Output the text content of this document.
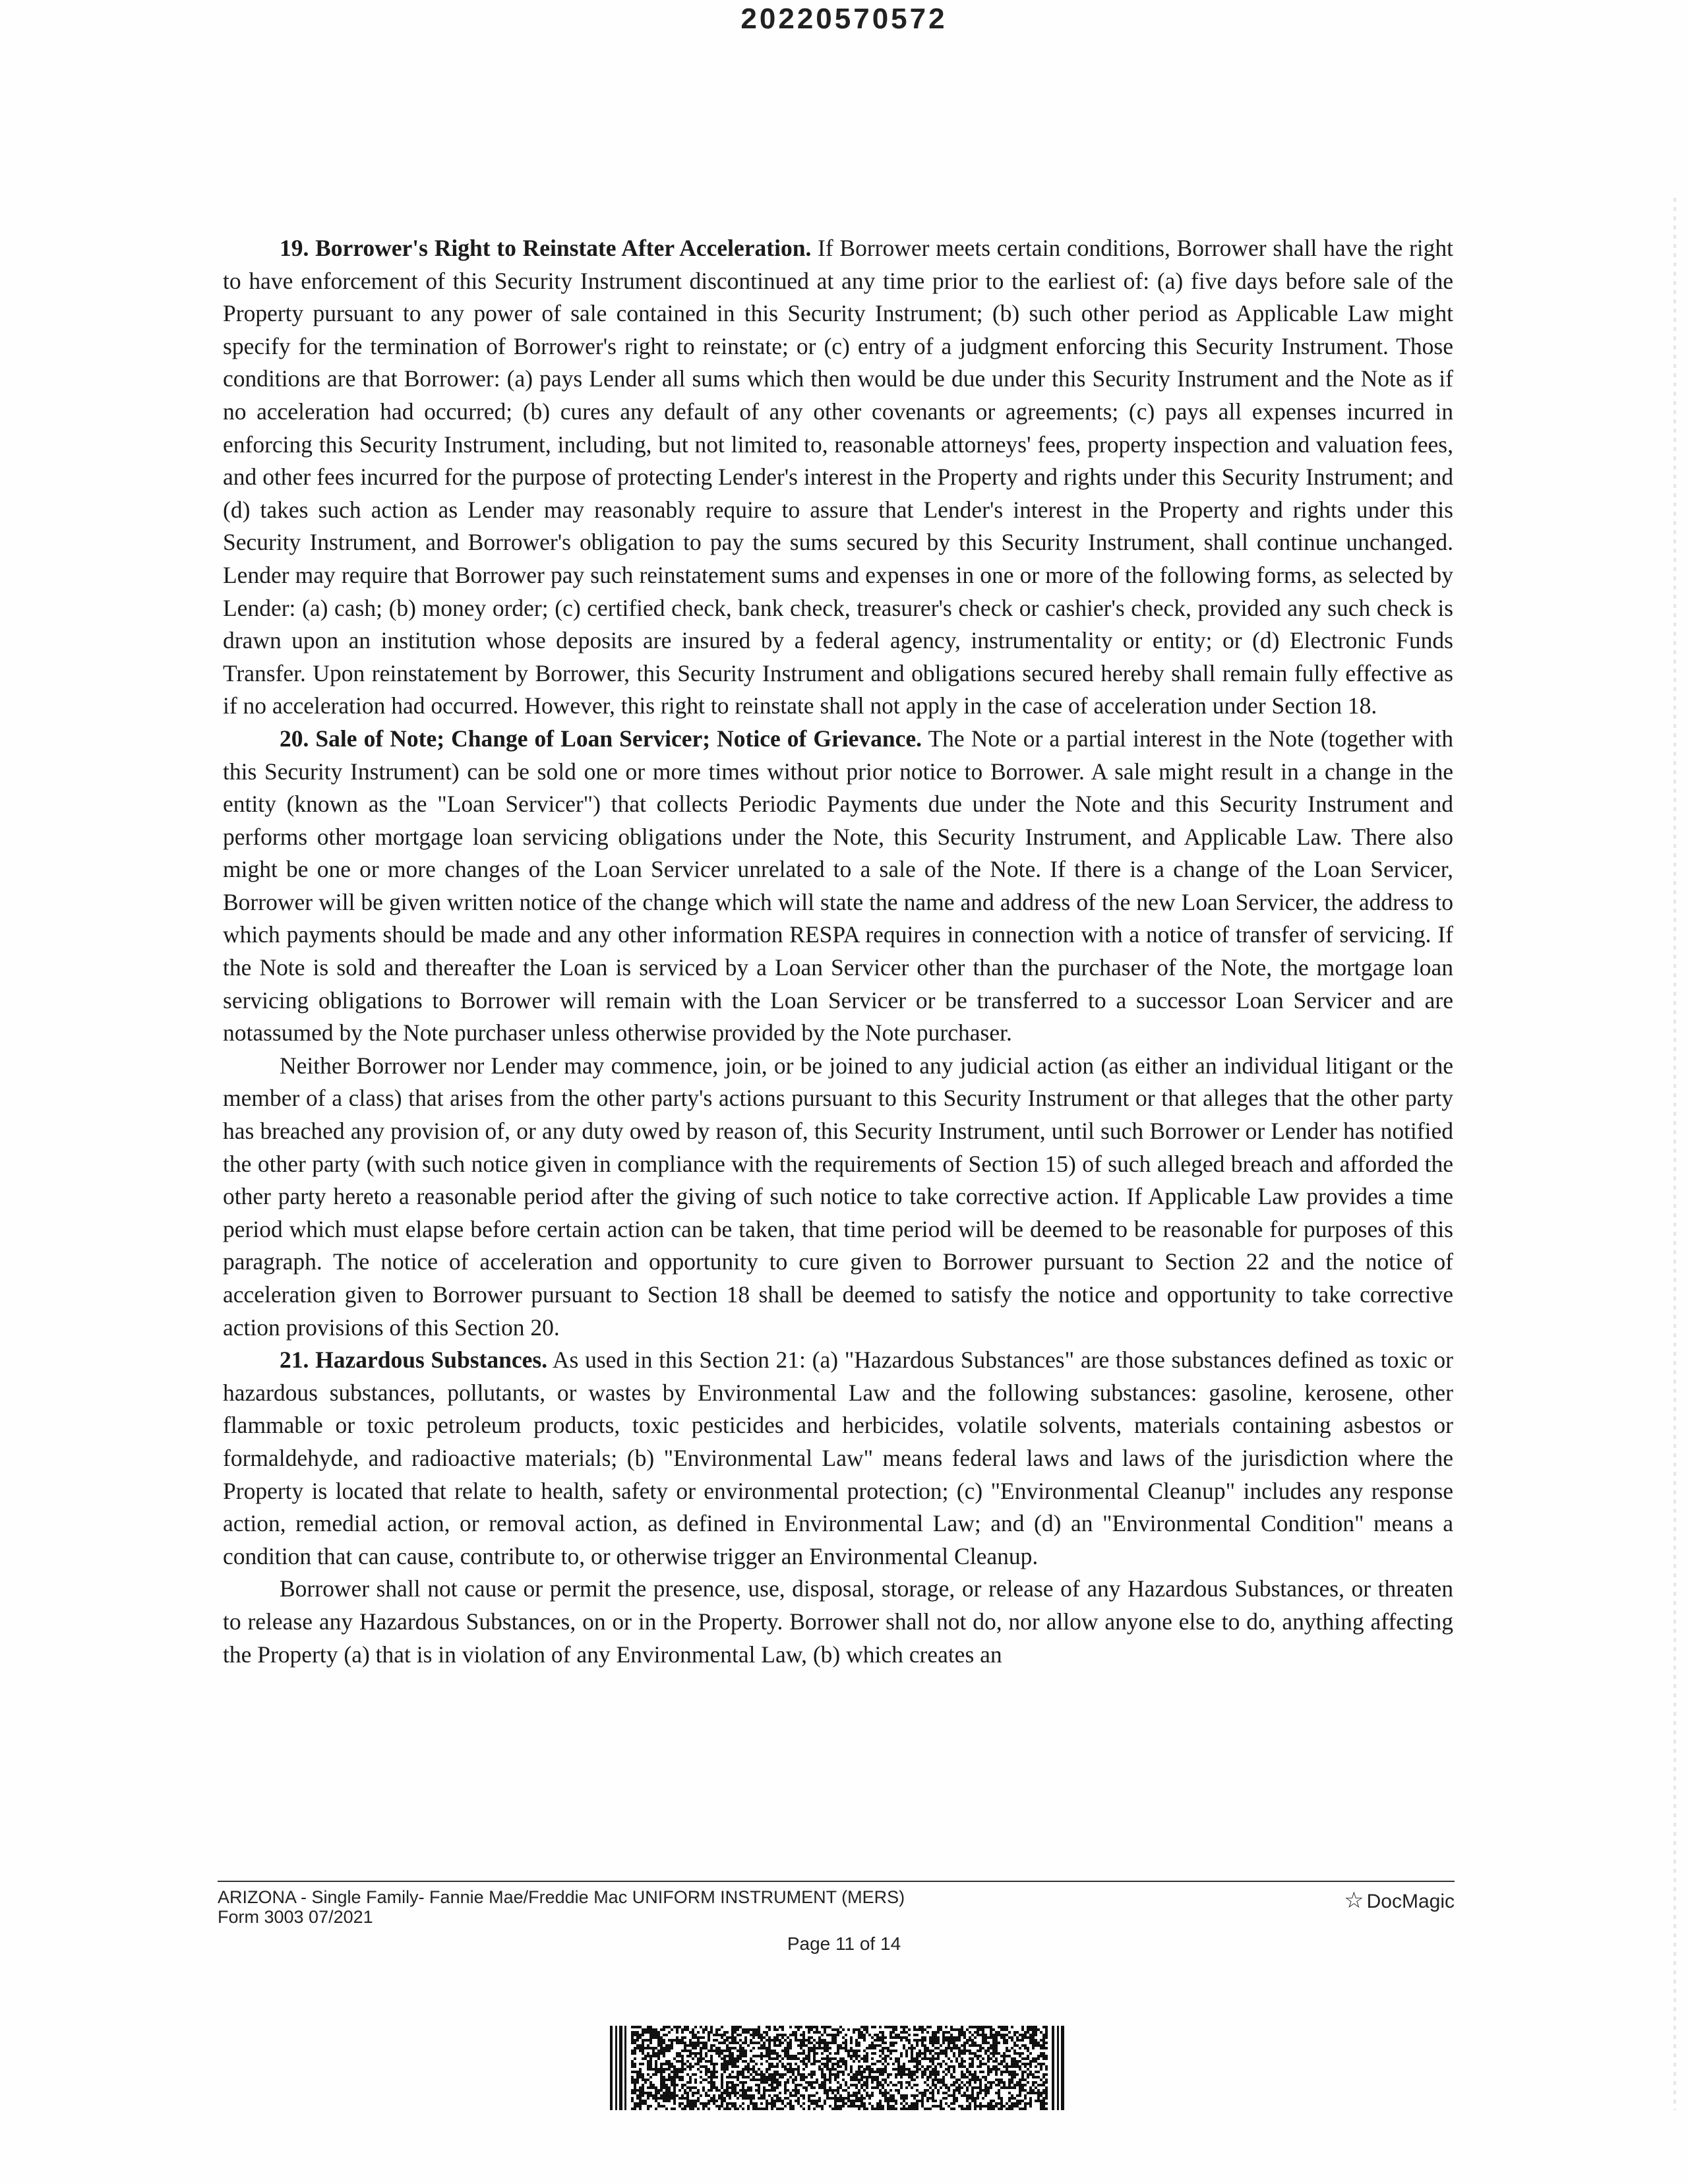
20220570572

19. Borrower's Right to Reinstate After Acceleration. If Borrower meets certain conditions, Borrower shall have the right to have enforcement of this Security Instrument discontinued at any time prior to the earliest of: (a) five days before sale of the Property pursuant to any power of sale contained in this Security Instrument; (b) such other period as Applicable Law might specify for the termination of Borrower's right to reinstate; or (c) entry of a judgment enforcing this Security Instrument. Those conditions are that Borrower: (a) pays Lender all sums which then would be due under this Security Instrument and the Note as if no acceleration had occurred; (b) cures any default of any other covenants or agreements; (c) pays all expenses incurred in enforcing this Security Instrument, including, but not limited to, reasonable attorneys' fees, property inspection and valuation fees, and other fees incurred for the purpose of protecting Lender's interest in the Property and rights under this Security Instrument; and (d) takes such action as Lender may reasonably require to assure that Lender's interest in the Property and rights under this Security Instrument, and Borrower's obligation to pay the sums secured by this Security Instrument, shall continue unchanged. Lender may require that Borrower pay such reinstatement sums and expenses in one or more of the following forms, as selected by Lender: (a) cash; (b) money order; (c) certified check, bank check, treasurer's check or cashier's check, provided any such check is drawn upon an institution whose deposits are insured by a federal agency, instrumentality or entity; or (d) Electronic Funds Transfer. Upon reinstatement by Borrower, this Security Instrument and obligations secured hereby shall remain fully effective as if no acceleration had occurred. However, this right to reinstate shall not apply in the case of acceleration under Section 18.

20. Sale of Note; Change of Loan Servicer; Notice of Grievance. The Note or a partial interest in the Note (together with this Security Instrument) can be sold one or more times without prior notice to Borrower. A sale might result in a change in the entity (known as the "Loan Servicer") that collects Periodic Payments due under the Note and this Security Instrument and performs other mortgage loan servicing obligations under the Note, this Security Instrument, and Applicable Law. There also might be one or more changes of the Loan Servicer unrelated to a sale of the Note. If there is a change of the Loan Servicer, Borrower will be given written notice of the change which will state the name and address of the new Loan Servicer, the address to which payments should be made and any other information RESPA requires in connection with a notice of transfer of servicing. If the Note is sold and thereafter the Loan is serviced by a Loan Servicer other than the purchaser of the Note, the mortgage loan servicing obligations to Borrower will remain with the Loan Servicer or be transferred to a successor Loan Servicer and are notassumed by the Note purchaser unless otherwise provided by the Note purchaser.

Neither Borrower nor Lender may commence, join, or be joined to any judicial action (as either an individual litigant or the member of a class) that arises from the other party's actions pursuant to this Security Instrument or that alleges that the other party has breached any provision of, or any duty owed by reason of, this Security Instrument, until such Borrower or Lender has notified the other party (with such notice given in compliance with the requirements of Section 15) of such alleged breach and afforded the other party hereto a reasonable period after the giving of such notice to take corrective action. If Applicable Law provides a time period which must elapse before certain action can be taken, that time period will be deemed to be reasonable for purposes of this paragraph. The notice of acceleration and opportunity to cure given to Borrower pursuant to Section 22 and the notice of acceleration given to Borrower pursuant to Section 18 shall be deemed to satisfy the notice and opportunity to take corrective action provisions of this Section 20.

21. Hazardous Substances. As used in this Section 21: (a) "Hazardous Substances" are those substances defined as toxic or hazardous substances, pollutants, or wastes by Environmental Law and the following substances: gasoline, kerosene, other flammable or toxic petroleum products, toxic pesticides and herbicides, volatile solvents, materials containing asbestos or formaldehyde, and radioactive materials; (b) "Environmental Law" means federal laws and laws of the jurisdiction where the Property is located that relate to health, safety or environmental protection; (c) "Environmental Cleanup" includes any response action, remedial action, or removal action, as defined in Environmental Law; and (d) an "Environmental Condition" means a condition that can cause, contribute to, or otherwise trigger an Environmental Cleanup.

Borrower shall not cause or permit the presence, use, disposal, storage, or release of any Hazardous Substances, or threaten to release any Hazardous Substances, on or in the Property. Borrower shall not do, nor allow anyone else to do, anything affecting the Property (a) that is in violation of any Environmental Law, (b) which creates an

ARIZONA - Single Family- Fannie Mae/Freddie Mac UNIFORM INSTRUMENT (MERS)
Form 3003 07/2021
☆ DocMagic
Page 11 of 14
